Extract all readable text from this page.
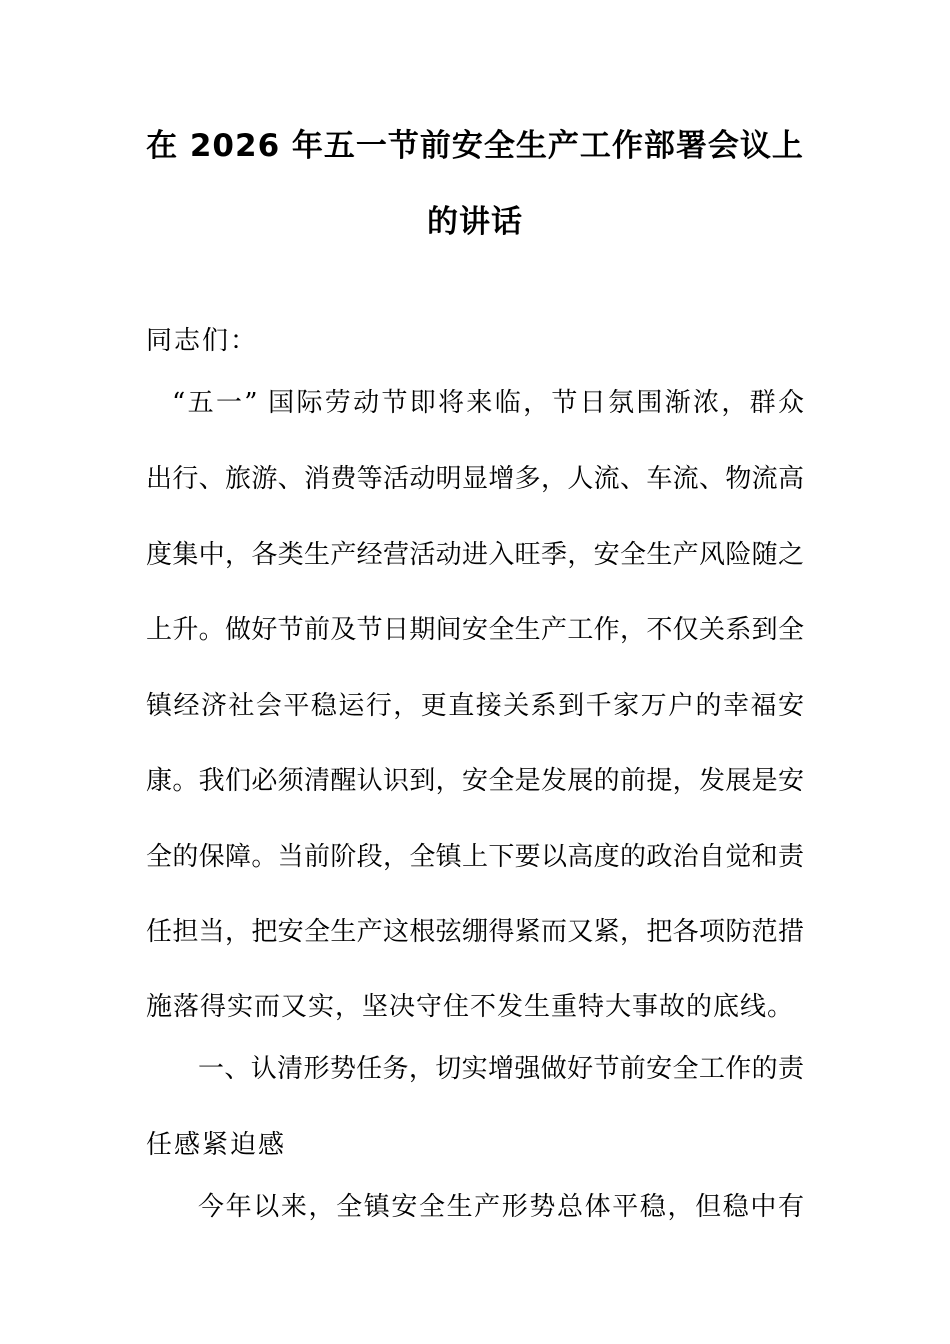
在 2026 年五一节前安全生产工作部署会议上
的讲话
同志们：
“五一” 国际劳动节即将来临，节日氛围渐浓，群众
出行、旅游、消费等活动明显增多，人流、车流、物流高
度集中，各类生产经营活动进入旺季，安全生产风险随之
上升。做好节前及节日期间安全生产工作，不仅关系到全
镇经济社会平稳运行，更直接关系到千家万户的幸福安
康。我们必须清醒认识到，安全是发展的前提，发展是安
全的保障。当前阶段，全镇上下要以高度的政治自觉和责
任担当，把安全生产这根弦绷得紧而又紧，把各项防范措
施落得实而又实，坚决守住不发生重特大事故的底线。
一、认清形势任务，切实增强做好节前安全工作的责
任感紧迫感
今年以来，全镇安全生产形势总体平稳，但稳中有
